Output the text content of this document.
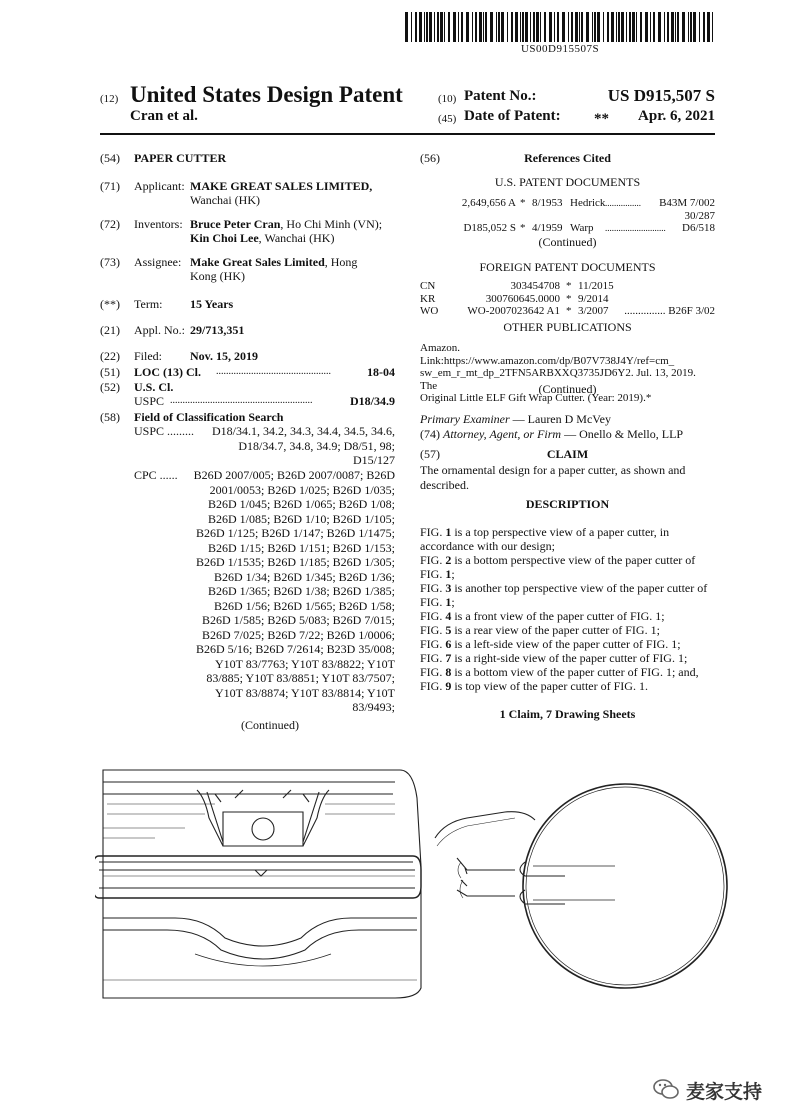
US00D915507S
(12) United States Design Patent	(10) Patent No.:	US D915,507 S
Cran et al.	(45) Date of Patent: **	Apr. 6, 2021
(54) PAPER CUTTER
(71) Applicant: MAKE GREAT SALES LIMITED,
Wanchai (HK)
(72) Inventors: Bruce Peter Cran, Ho Chi Minh (VN);
Kin Choi Lee, Wanchai (HK)
(73) Assignee: Make Great Sales Limited, Hong
Kong (HK)
(**) Term: 15 Years
(21) Appl. No.: 29/713,351
(22) Filed: Nov. 15, 2019
(51) LOC (13) Cl. ..............................................	18-04
(52) U.S. Cl.
USPC .........................................................	D18/34.9
(58) Field of Classification Search
USPC .........	D18/34.1, 34.2, 34.3, 34.4, 34.5, 34.6,
D18/34.7, 34.8, 34.9; D8/51, 98;
D15/127
CPC ......	B26D 2007/005; B26D 2007/0087; B26D
2001/0053; B26D 1/025; B26D 1/035;
B26D 1/045; B26D 1/065; B26D 1/08;
B26D 1/085; B26D 1/10; B26D 1/105;
B26D 1/125; B26D 1/147; B26D 1/1475;
B26D 1/15; B26D 1/151; B26D 1/153;
B26D 1/1535; B26D 1/185; B26D 1/305;
B26D 1/34; B26D 1/345; B26D 1/36;
B26D 1/365; B26D 1/38; B26D 1/385;
B26D 1/56; B26D 1/565; B26D 1/58;
B26D 1/585; B26D 5/083; B26D 7/015;
B26D 7/025; B26D 7/22; B26D 1/0006;
B26D 5/16; B26D 7/2614; B23D 35/008;
Y10T 83/7763; Y10T 83/8822; Y10T
83/885; Y10T 83/8851; Y10T 83/7507;
Y10T 83/8874; Y10T 83/8814; Y10T
83/9493;
(Continued)
(56)	References Cited
U.S. PATENT DOCUMENTS
2,649,656 A * 8/1953 Hedrick ................	B43M 7/002
30/287
D185,052 S * 4/1959 Warp ...........................	D6/518
(Continued)
FOREIGN PATENT DOCUMENTS
CN	303454708 * 11/2015
KR	300760645.0000 * 9/2014
WO	WO-2007023642 A1 * 3/2007	............... B26F 3/02
OTHER PUBLICATIONS
Amazon. Link:https://www.amazon.com/dp/B07V738J4Y/ref=cm_
sw_em_r_mt_dp_2TFN5ARBXXQ3735JD6Y2. Jul. 13, 2019. The
Original Little ELF Gift Wrap Cutter. (Year: 2019).*
(Continued)
Primary Examiner — Lauren D McVey
(74) Attorney, Agent, or Firm — Onello & Mello, LLP
(57)	CLAIM
The ornamental design for a paper cutter, as shown and
described.
DESCRIPTION
FIG. 1 is a top perspective view of a paper cutter, in
accordance with our design;
FIG. 2 is a bottom perspective view of the paper cutter of
FIG. 1;
FIG. 3 is another top perspective view of the paper cutter of
FIG. 1;
FIG. 4 is a front view of the paper cutter of FIG. 1;
FIG. 5 is a rear view of the paper cutter of FIG. 1;
FIG. 6 is a left-side view of the paper cutter of FIG. 1;
FIG. 7 is a right-side view of the paper cutter of FIG. 1;
FIG. 8 is a bottom view of the paper cutter of FIG. 1; and,
FIG. 9 is top view of the paper cutter of FIG. 1.
1 Claim, 7 Drawing Sheets
麦家支持
